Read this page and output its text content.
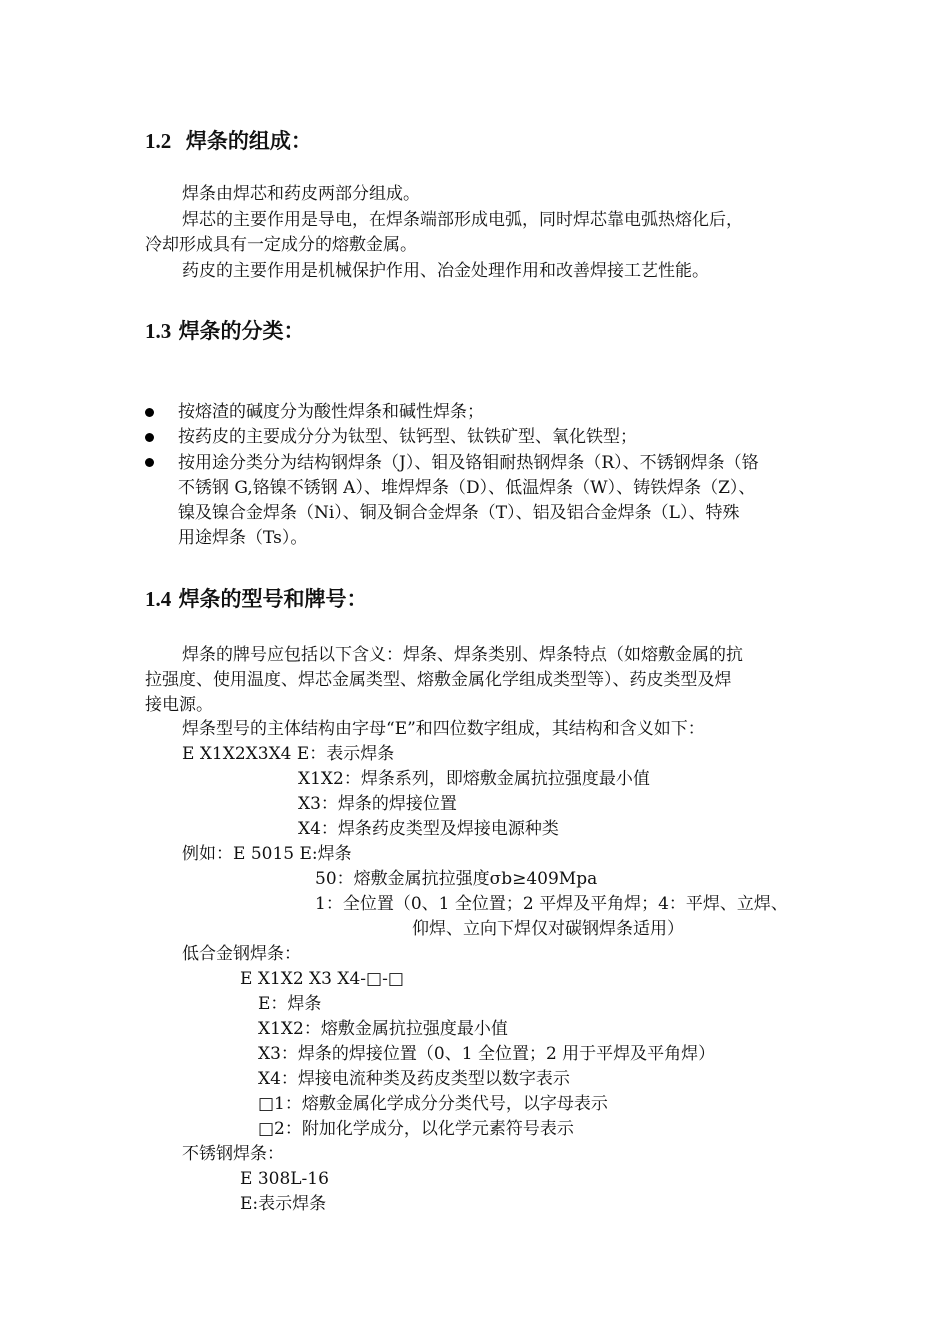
1.2 焊条的组成：
焊条由焊芯和药皮两部分组成。
焊芯的主要作用是导电，在焊条端部形成电弧，同时焊芯靠电弧热熔化后，
冷却形成具有一定成分的熔敷金属。
药皮的主要作用是机械保护作用、冶金处理作用和改善焊接工艺性能。
1.3 焊条的分类：
按熔渣的碱度分为酸性焊条和碱性焊条；
按药皮的主要成分分为钛型、钛钙型、钛铁矿型、氧化铁型；
按用途分类分为结构钢焊条（J）、钼及铬钼耐热钢焊条（R）、不锈钢焊条（铬
不锈钢 G,铬镍不锈钢 A）、堆焊焊条（D）、低温焊条（W）、铸铁焊条（Z）、
镍及镍合金焊条（Ni）、铜及铜合金焊条（T）、铝及铝合金焊条（L）、特殊
用途焊条（Ts）。
1.4 焊条的型号和牌号：
焊条的牌号应包括以下含义：焊条、焊条类别、焊条特点（如熔敷金属的抗
拉强度、使用温度、焊芯金属类型、熔敷金属化学组成类型等）、药皮类型及焊
接电源。
焊条型号的主体结构由字母“E”和四位数字组成，其结构和含义如下：
E X1X2X3X4 E：表示焊条
X1X2：焊条系列，即熔敷金属抗拉强度最小值
X3：焊条的焊接位置
X4：焊条药皮类型及焊接电源种类
例如：E 5015 E:焊条
50：熔敷金属抗拉强度σb≥409Mpa
1：全位置（0、1 全位置；2 平焊及平角焊；4：平焊、立焊、
仰焊、立向下焊仅对碳钢焊条适用）
低合金钢焊条：
E X1X2 X3 X4-□-□
E：焊条
X1X2：熔敷金属抗拉强度最小值
X3：焊条的焊接位置（0、1 全位置；2 用于平焊及平角焊）
X4：焊接电流种类及药皮类型以数字表示
□1：熔敷金属化学成分分类代号，以字母表示
□2：附加化学成分，以化学元素符号表示
不锈钢焊条：
E 308L-16
E:表示焊条
